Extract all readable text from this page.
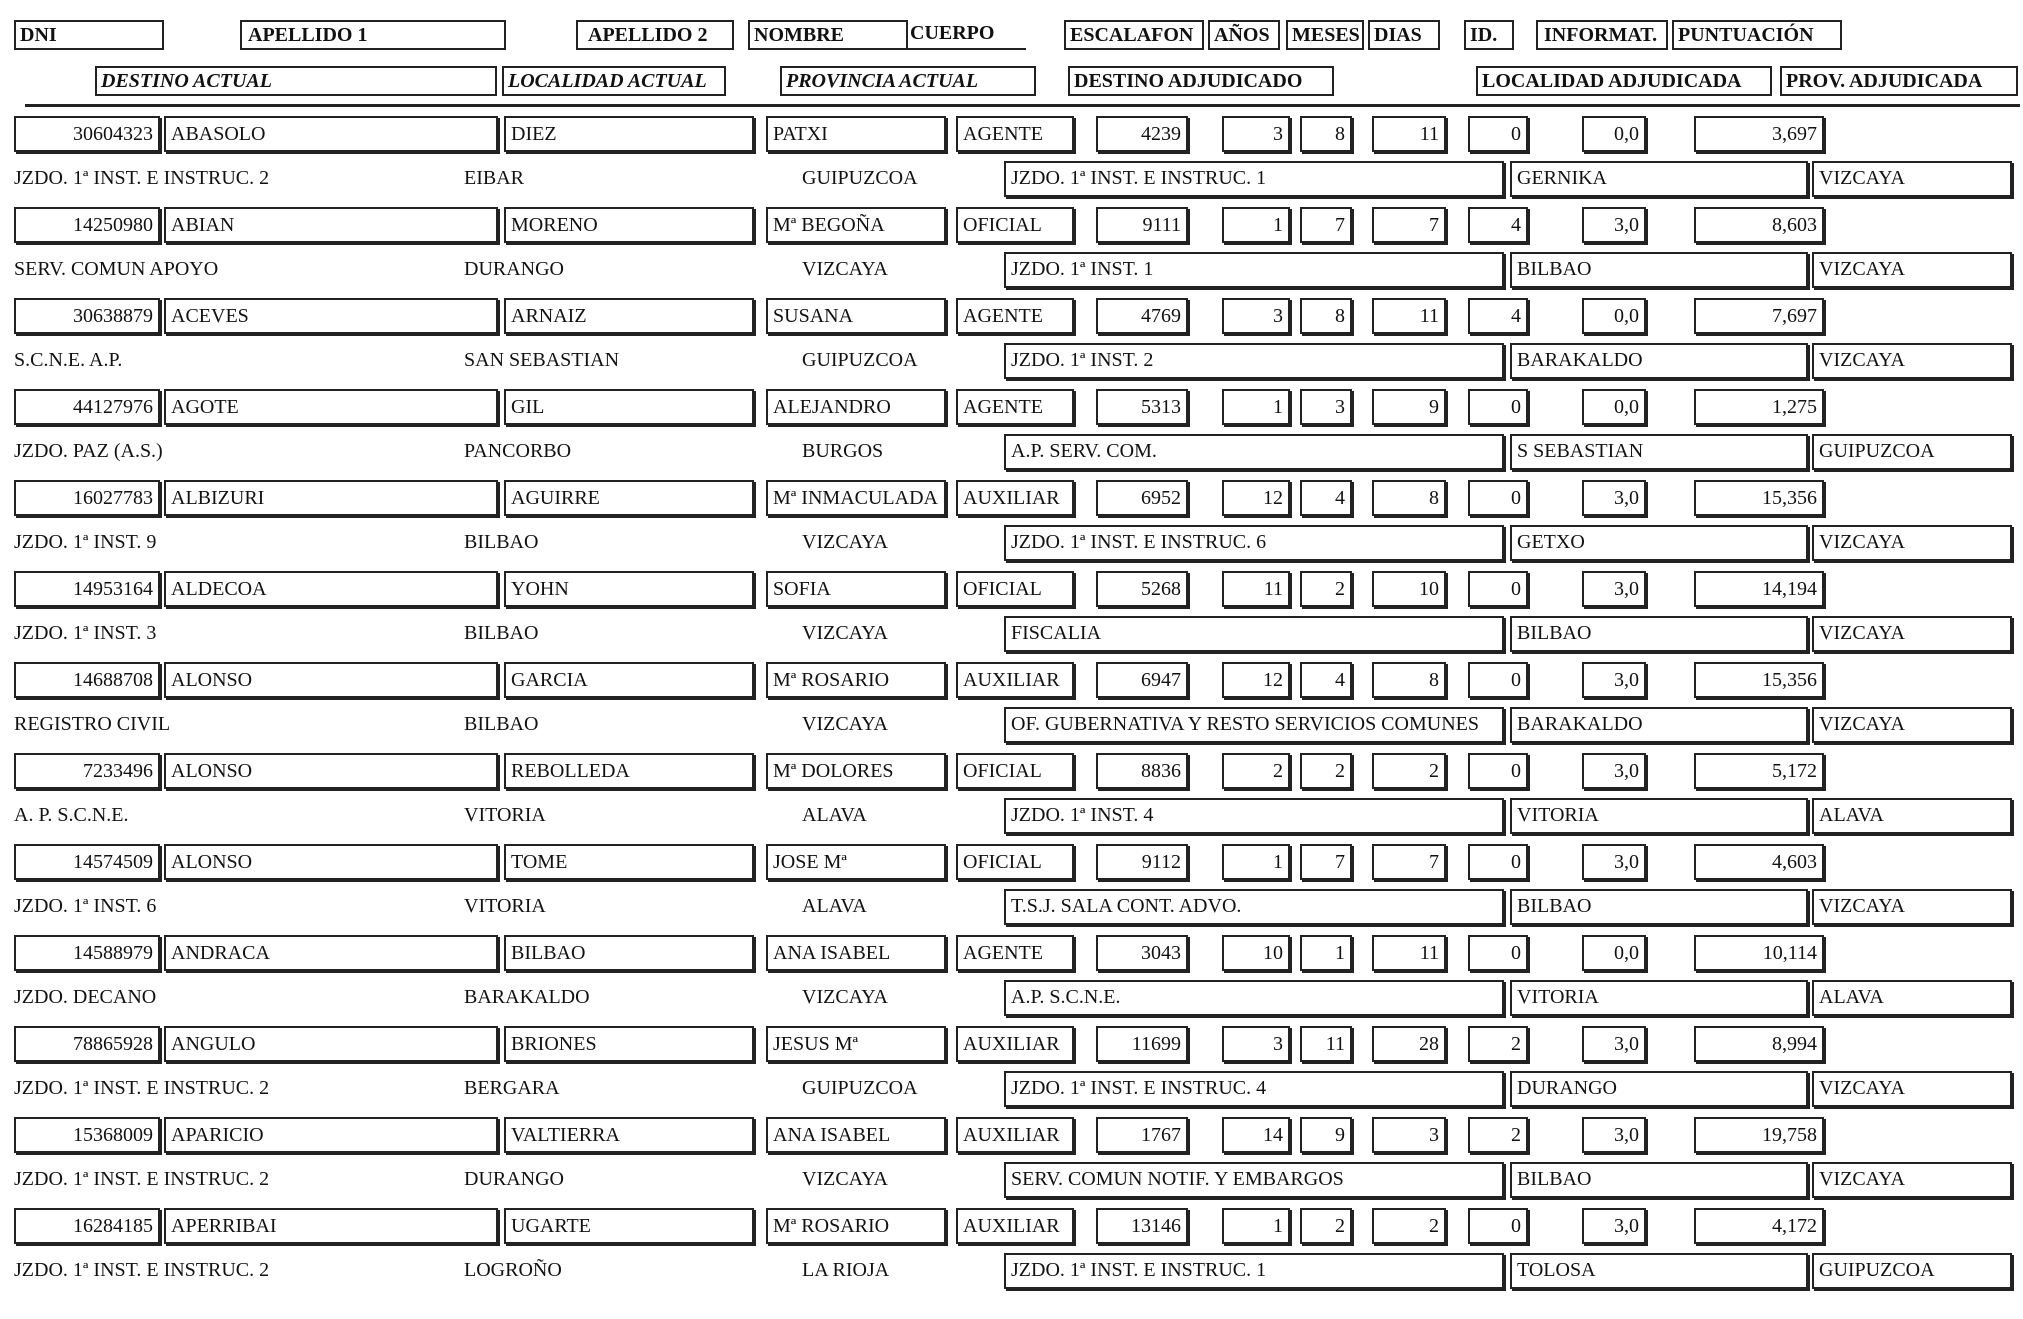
DNI	APELLIDO 1	APELLIDO 2	NOMBRE	CUERPO	ESCALAFON	AÑOS	MESES DIAS	ID.	INFORMAT.	PUNTUACIÓN
DESTINO ACTUAL	LOCALIDAD ACTUAL	PROVINCIA ACTUAL	DESTINO ADJUDICADO	LOCALIDAD ADJUDICADA	PROV. ADJUDICADA
30604323 ABASOLO	DIEZ	PATXI	AGENTE	4239	3	8	11	0	0,0	3,697
JZDO. 1ª INST. E INSTRUC. 2	EIBAR	GUIPUZCOA	JZDO. 1ª INST. E INSTRUC. 1	GERNIKA	VIZCAYA
14250980 ABIAN	MORENO	Mª BEGOÑA	OFICIAL	9111	1	7	7	4	3,0	8,603
SERV. COMUN APOYO	DURANGO	VIZCAYA	JZDO. 1ª INST. 1	BILBAO	VIZCAYA
30638879 ACEVES	ARNAIZ	SUSANA	AGENTE	4769	3	8	11	4	0,0	7,697
S.C.N.E. A.P.	SAN SEBASTIAN	GUIPUZCOA	JZDO. 1ª INST. 2	BARAKALDO	VIZCAYA
44127976 AGOTE	GIL	ALEJANDRO	AGENTE	5313	1	3	9	0	0,0	1,275
JZDO. PAZ (A.S.)	PANCORBO	BURGOS	A.P. SERV. COM.	S SEBASTIAN	GUIPUZCOA
16027783 ALBIZURI	AGUIRRE	Mª INMACULADA	AUXILIAR	6952	12	4	8	0	3,0	15,356
JZDO. 1ª INST. 9	BILBAO	VIZCAYA	JZDO. 1ª INST. E INSTRUC. 6	GETXO	VIZCAYA
14953164 ALDECOA	YOHN	SOFIA	OFICIAL	5268	11	2	10	0	3,0	14,194
JZDO. 1ª INST. 3	BILBAO	VIZCAYA	FISCALIA	BILBAO	VIZCAYA
14688708 ALONSO	GARCIA	Mª ROSARIO	AUXILIAR	6947	12	4	8	0	3,0	15,356
REGISTRO CIVIL	BILBAO	VIZCAYA	OF. GUBERNATIVA Y RESTO SERVICIOS COMUNES	BARAKALDO	VIZCAYA
7233496 ALONSO	REBOLLEDA	Mª DOLORES	OFICIAL	8836	2	2	2	0	3,0	5,172
A. P. S.C.N.E.	VITORIA	ALAVA	JZDO. 1ª INST. 4	VITORIA	ALAVA
14574509 ALONSO	TOME	JOSE Mª	OFICIAL	9112	1	7	7	0	3,0	4,603
JZDO. 1ª INST. 6	VITORIA	ALAVA	T.S.J. SALA CONT. ADVO.	BILBAO	VIZCAYA
14588979 ANDRACA	BILBAO	ANA ISABEL	AGENTE	3043	10	1	11	0	0,0	10,114
JZDO. DECANO	BARAKALDO	VIZCAYA	A.P. S.C.N.E.	VITORIA	ALAVA
78865928 ANGULO	BRIONES	JESUS Mª	AUXILIAR	11699	3	11	28	2	3,0	8,994
JZDO. 1ª INST. E INSTRUC. 2	BERGARA	GUIPUZCOA	JZDO. 1ª INST. E INSTRUC. 4	DURANGO	VIZCAYA
15368009 APARICIO	VALTIERRA	ANA ISABEL	AUXILIAR	1767	14	9	3	2	3,0	19,758
JZDO. 1ª INST. E INSTRUC. 2	DURANGO	VIZCAYA	SERV. COMUN NOTIF. Y EMBARGOS	BILBAO	VIZCAYA
16284185 APERRIBAI	UGARTE	Mª ROSARIO	AUXILIAR	13146	1	2	2	0	3,0	4,172
JZDO. 1ª INST. E INSTRUC. 2	LOGROÑO	LA RIOJA	JZDO. 1ª INST. E INSTRUC. 1	TOLOSA	GUIPUZCOA
